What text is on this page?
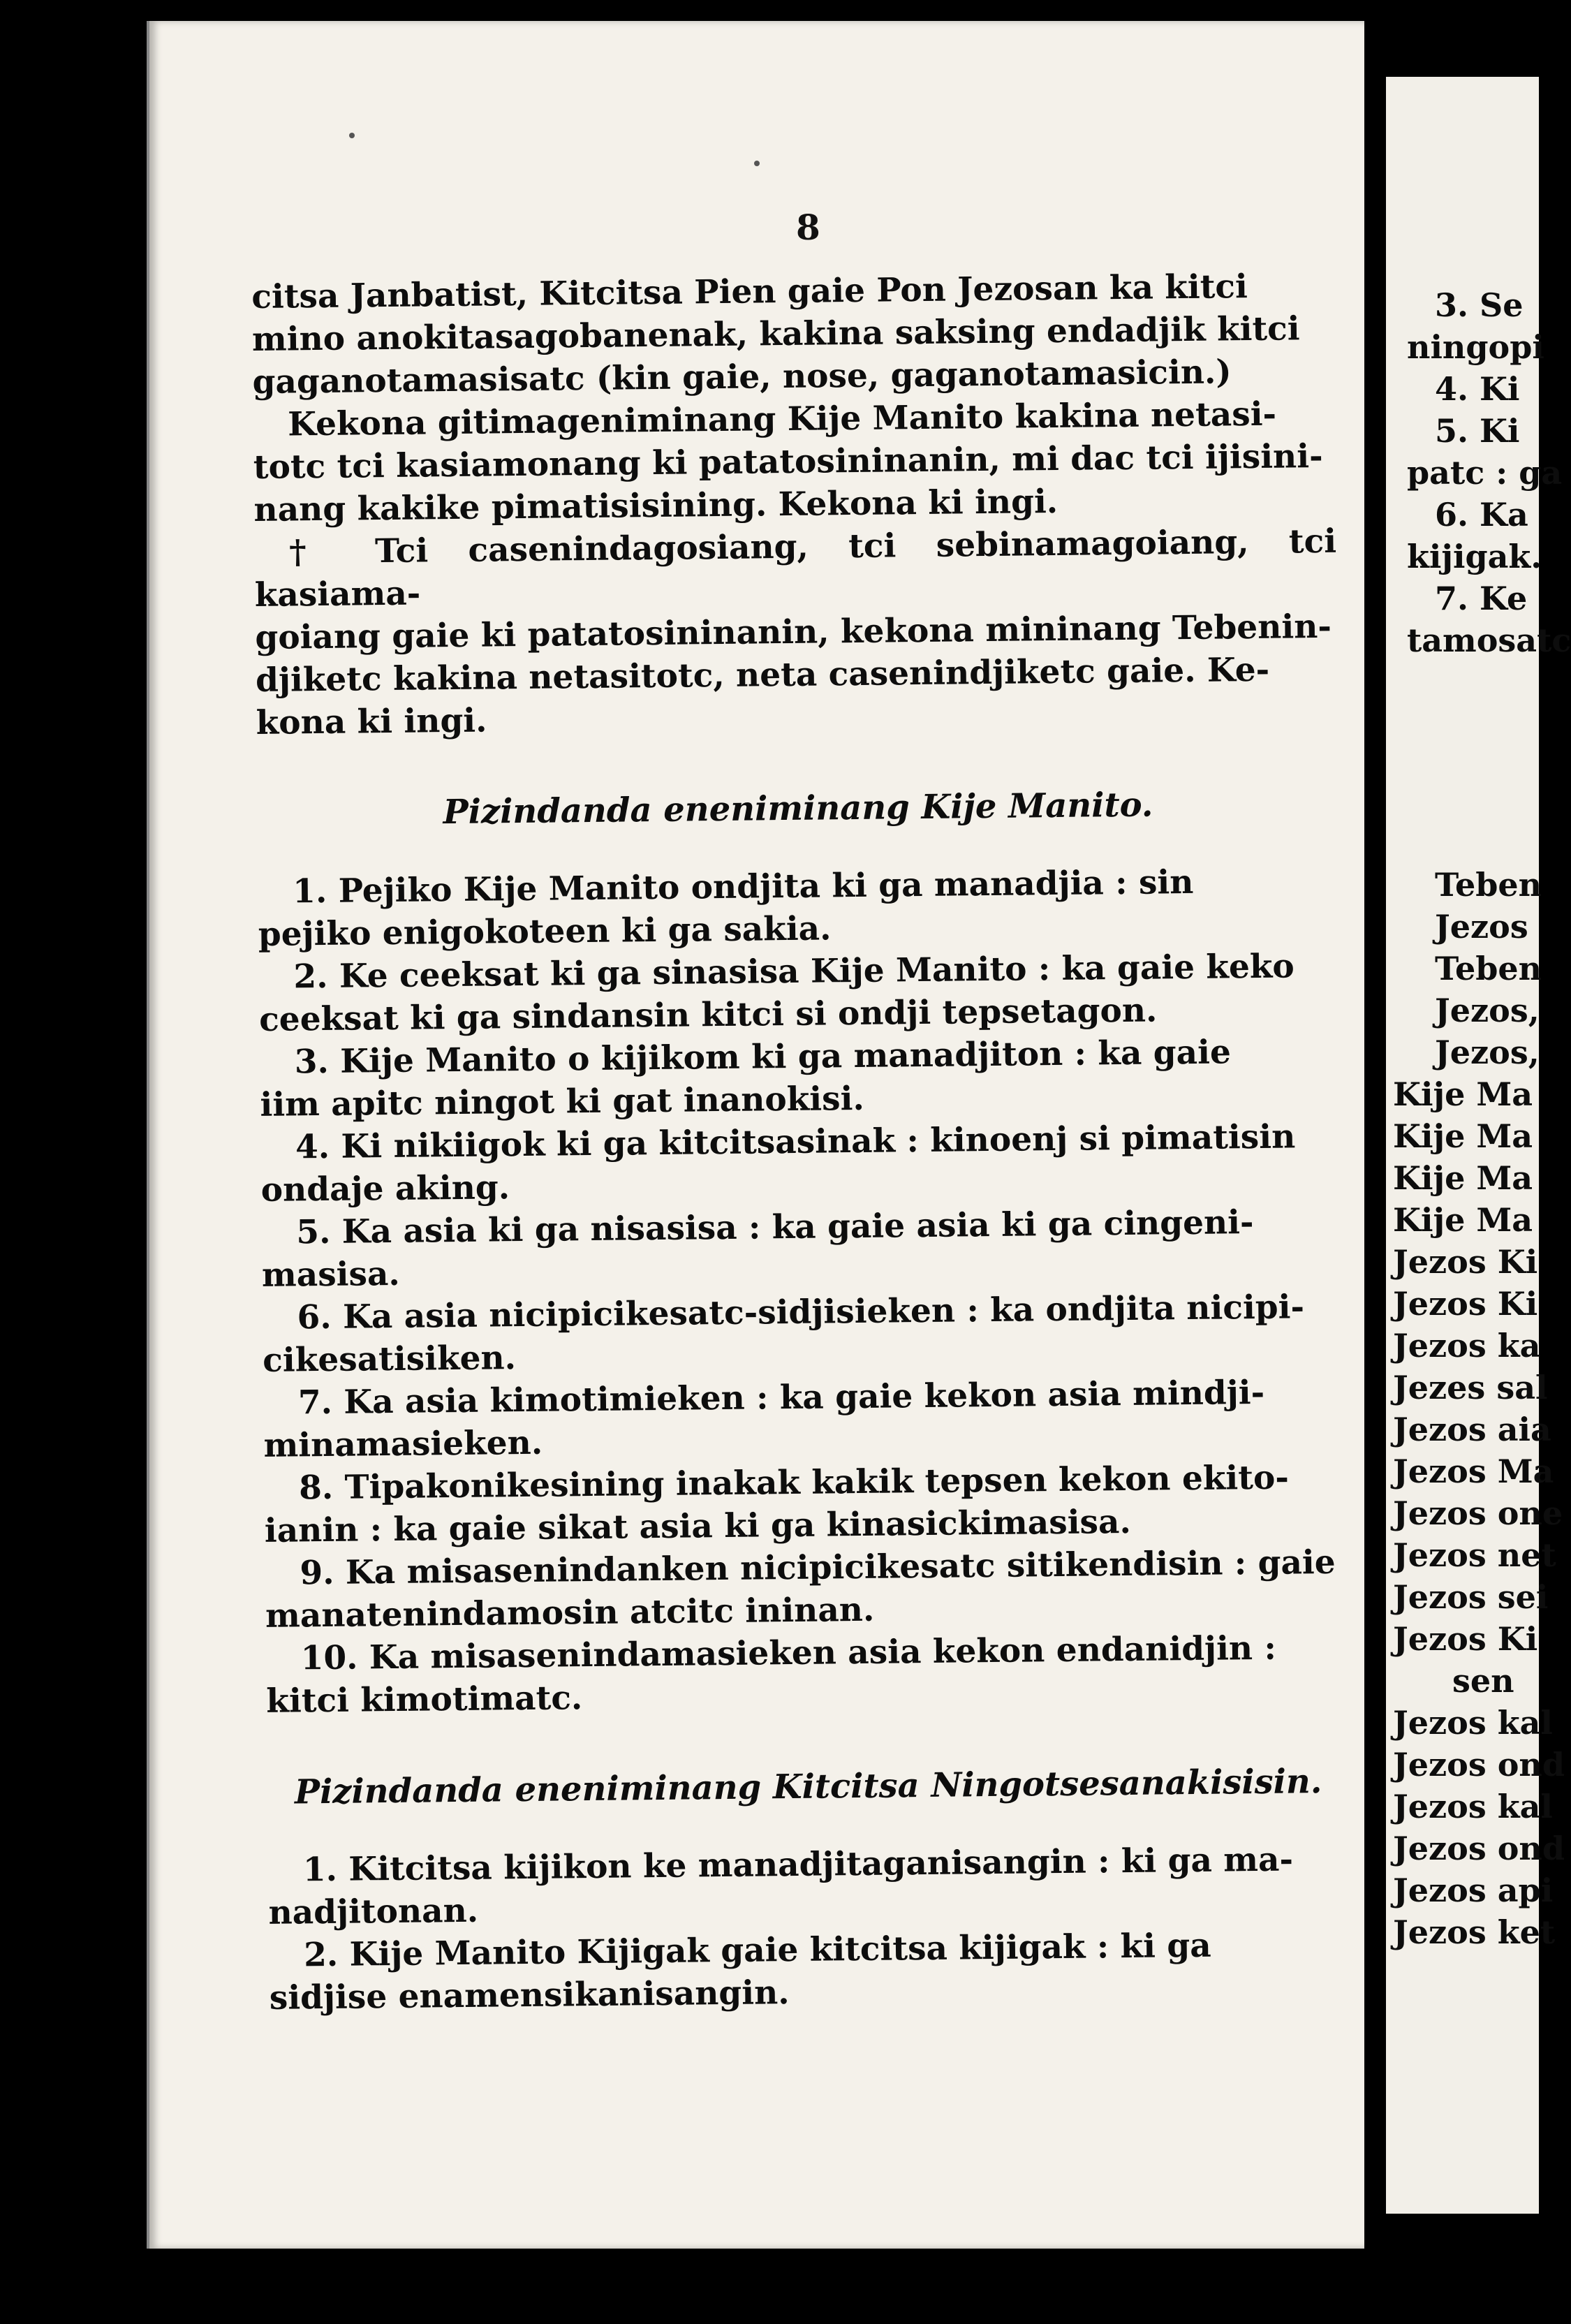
3. Se
ningopi
4. Ki
5. Ki
patc : ga
6. Ka
kijigak.
7. Ke
tamosatc
Teben
Jezos
Teben
Jezos,
Jezos,
Kije Ma
Kije Ma
Kije Ma
Kije Ma
Jezos Ki
Jezos Ki
Jezos ka
Jezes sal
Jezos aia
Jezos Ma
Jezos one
Jezos net
Jezos sei
Jezos Ki
sen
Jezos kal
Jezos ond
Jezos kal
Jezos ond
Jezos api
Jezos ket
8

citsa Janbatist, Kitcitsa Pien gaie Pon Jezosan ka kitci
mino anokitasagobanenak, kakina saksing endadjik kitci
gaganotamasisatc (kin gaie, nose, gaganotamasicin.)

Kekona gitimageniminang Kije Manito kakina netasi-
totc tci kasiamonang ki patatosininanin, mi dac tci ijisini-
nang kakike pimatisisining. Kekona ki ingi.

† Tci casenindagosiang, tci sebinamagoiang, tci kasiama-
goiang gaie ki patatosininanin, kekona mininang Tebenin-
djiketc kakina netasitotc, neta casenindjiketc gaie. Ke-
kona ki ingi.

Pizindanda eneniminang Kije Manito.

1. Pejiko Kije Manito ondjita ki ga manadjia : sin
pejiko enigokoteen ki ga sakia.

2. Ke ceeksat ki ga sinasisa Kije Manito : ka gaie keko
ceeksat ki ga sindansin kitci si ondji tepsetagon.

3. Kije Manito o kijikom ki ga manadjiton : ka gaie
iim apitc ningot ki gat inanokisi.

4. Ki nikiigok ki ga kitcitsasinak : kinoenj si pimatisin
ondaje aking.

5. Ka asia ki ga nisasisa : ka gaie asia ki ga cingeni-
masisa.

6. Ka asia nicipicikesatc-sidjisieken : ka ondjita nicipi-
cikesatisiken.

7. Ka asia kimotimieken : ka gaie kekon asia mindji-
minamasieken.

8. Tipakonikesining inakak kakik tepsen kekon ekito-
ianin : ka gaie sikat asia ki ga kinasickimasisa.

9. Ka misasenindanken nicipicikesatc sitikendisin : gaie
manatenindamosin atcitc ininan.

10. Ka misasenindamasieken asia kekon endanidjin :
kitci kimotimatc.

Pizindanda eneniminang Kitcitsa Ningotsesanakisisin.

1. Kitcitsa kijikon ke manadjitaganisangin : ki ga ma-
nadjitonan.

2. Kije Manito Kijigak gaie kitcitsa kijigak : ki ga
sidjise enamensikanisangin.
